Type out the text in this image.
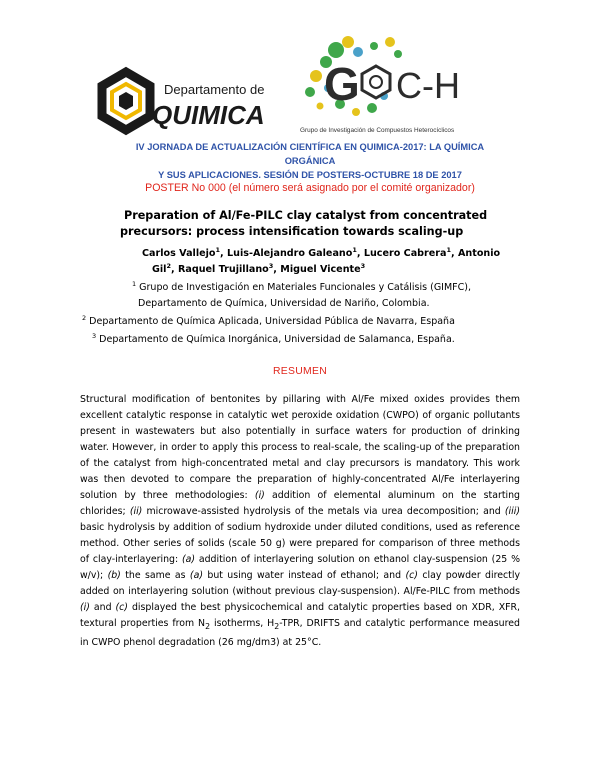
Departamento de
QUIMICA
G C-H
Grupo de Investigación de Compuestos Heterocíclicos
IV JORNADA DE ACTUALIZACIÓN CIENTÍFICA EN QUIMICA-2017: LA QUÍMICA ORGÁNICA
Y SUS APLICACIONES. SESIÓN DE POSTERS-OCTUBRE 18 DE 2017
POSTER No 000 (el número será asignado por el comité organizador)
Preparation of Al/Fe-PILC clay catalyst from concentrated
precursors: process intensification towards scaling-up
Carlos Vallejo$^1$, Luis-Alejandro Galeano$^1$, Lucero Cabrera$^1$, Antonio
Gil$^2$, Raquel Trujillano$^3$, Miguel Vicente$^3$
$^1$ Grupo de Investigación en Materiales Funcionales y Catálisis (GIMFC),
Departamento de Química, Universidad de Nariño, Colombia.
$^2$ Departamento de Química Aplicada, Universidad Pública de Navarra, España
$^3$ Departamento de Química Inorgánica, Universidad de Salamanca, España.
RESUMEN
Structural modification of bentonites by pillaring with Al/Fe mixed oxides provides them excellent catalytic response in catalytic wet peroxide oxidation (CWPO) of organic pollutants present in wastewaters but also potentially in surface waters for production of drinking water. However, in order to apply this process to real-scale, the scaling-up of the preparation of the catalyst from high-concentrated metal and clay precursors is mandatory. This work was then devoted to compare the preparation of highly-concentrated Al/Fe interlayering solution by three methodologies: (i) addition of elemental aluminum on the starting chlorides; (ii) microwave-assisted hydrolysis of the metals via urea decomposition; and (iii) basic hydrolysis by addition of sodium hydroxide under diluted conditions, used as reference method. Other series of solids (scale 50 g) were prepared for comparison of three methods of clay-interlayering: (a) addition of interlayering solution on ethanol clay-suspension (25 % w/v); (b) the same as (a) but using water instead of ethanol; and (c) clay powder directly added on interlayering solution (without previous clay-suspension). Al/Fe-PILC from methods (i) and (c) displayed the best physicochemical and catalytic properties based on XDR, XFR, textural properties from $N_2$ isotherms, $H_2$-TPR, DRIFTS and catalytic performance measured in CWPO phenol degradation (26 mg/dm3) at 25°C.
